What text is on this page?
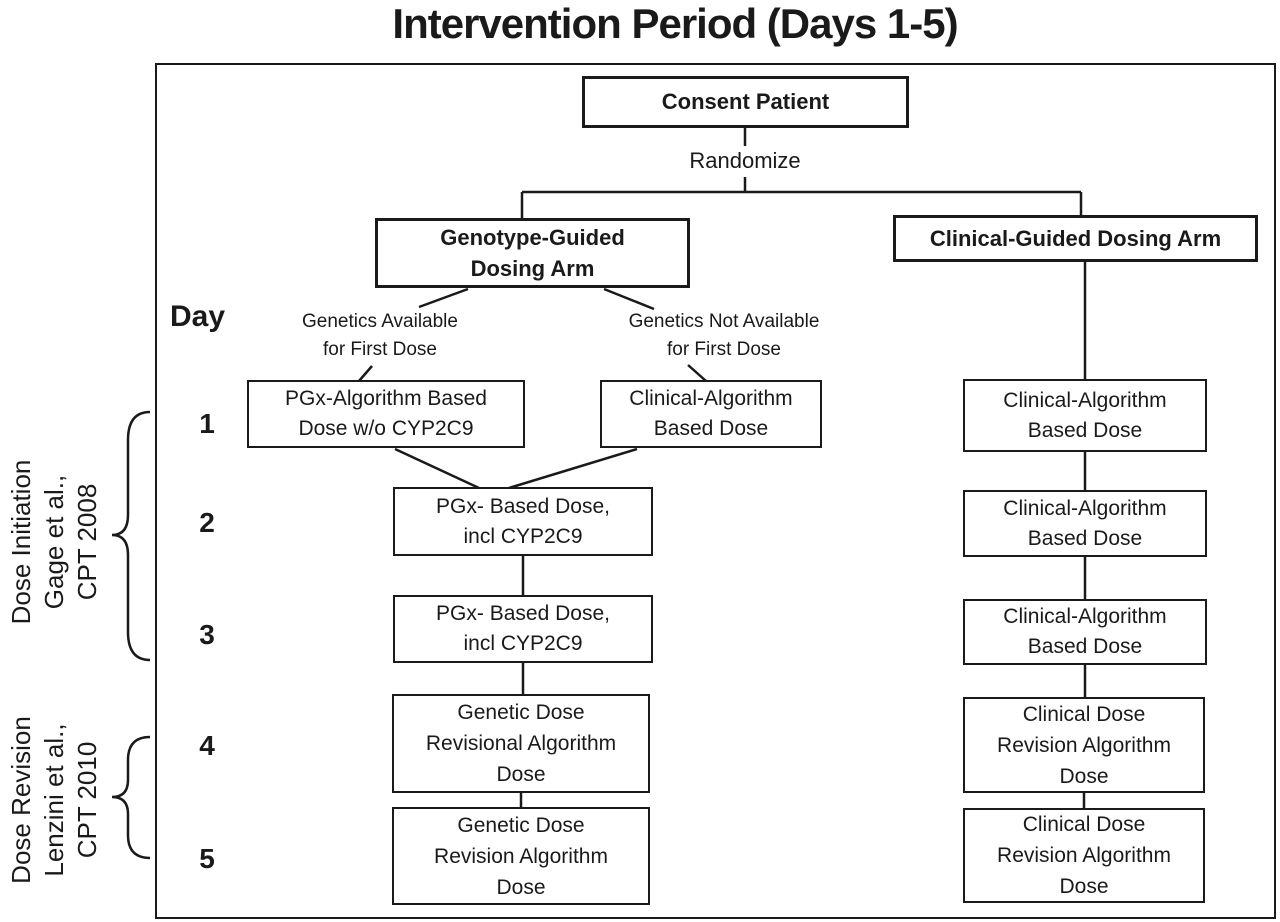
Intervention Period (Days 1-5)
Consent Patient
Randomize
Genotype-Guided
Dosing Arm
Clinical-Guided Dosing Arm
Genetics Available
for First Dose
Genetics Not Available
for First Dose
Day
1
2
3
4
5
PGx-Algorithm Based
Dose w/o CYP2C9
Clinical-Algorithm
Based Dose
PGx- Based Dose,
incl CYP2C9
PGx- Based Dose,
incl CYP2C9
Genetic Dose
Revisional Algorithm
Dose
Genetic Dose
Revision Algorithm
Dose
Clinical-Algorithm
Based Dose
Clinical-Algorithm
Based Dose
Clinical-Algorithm
Based Dose
Clinical Dose
Revision Algorithm
Dose
Clinical Dose
Revision Algorithm
Dose
Dose Initiation Gage et al., CPT 2008
Dose Revision Lenzini et al., CPT 2010
